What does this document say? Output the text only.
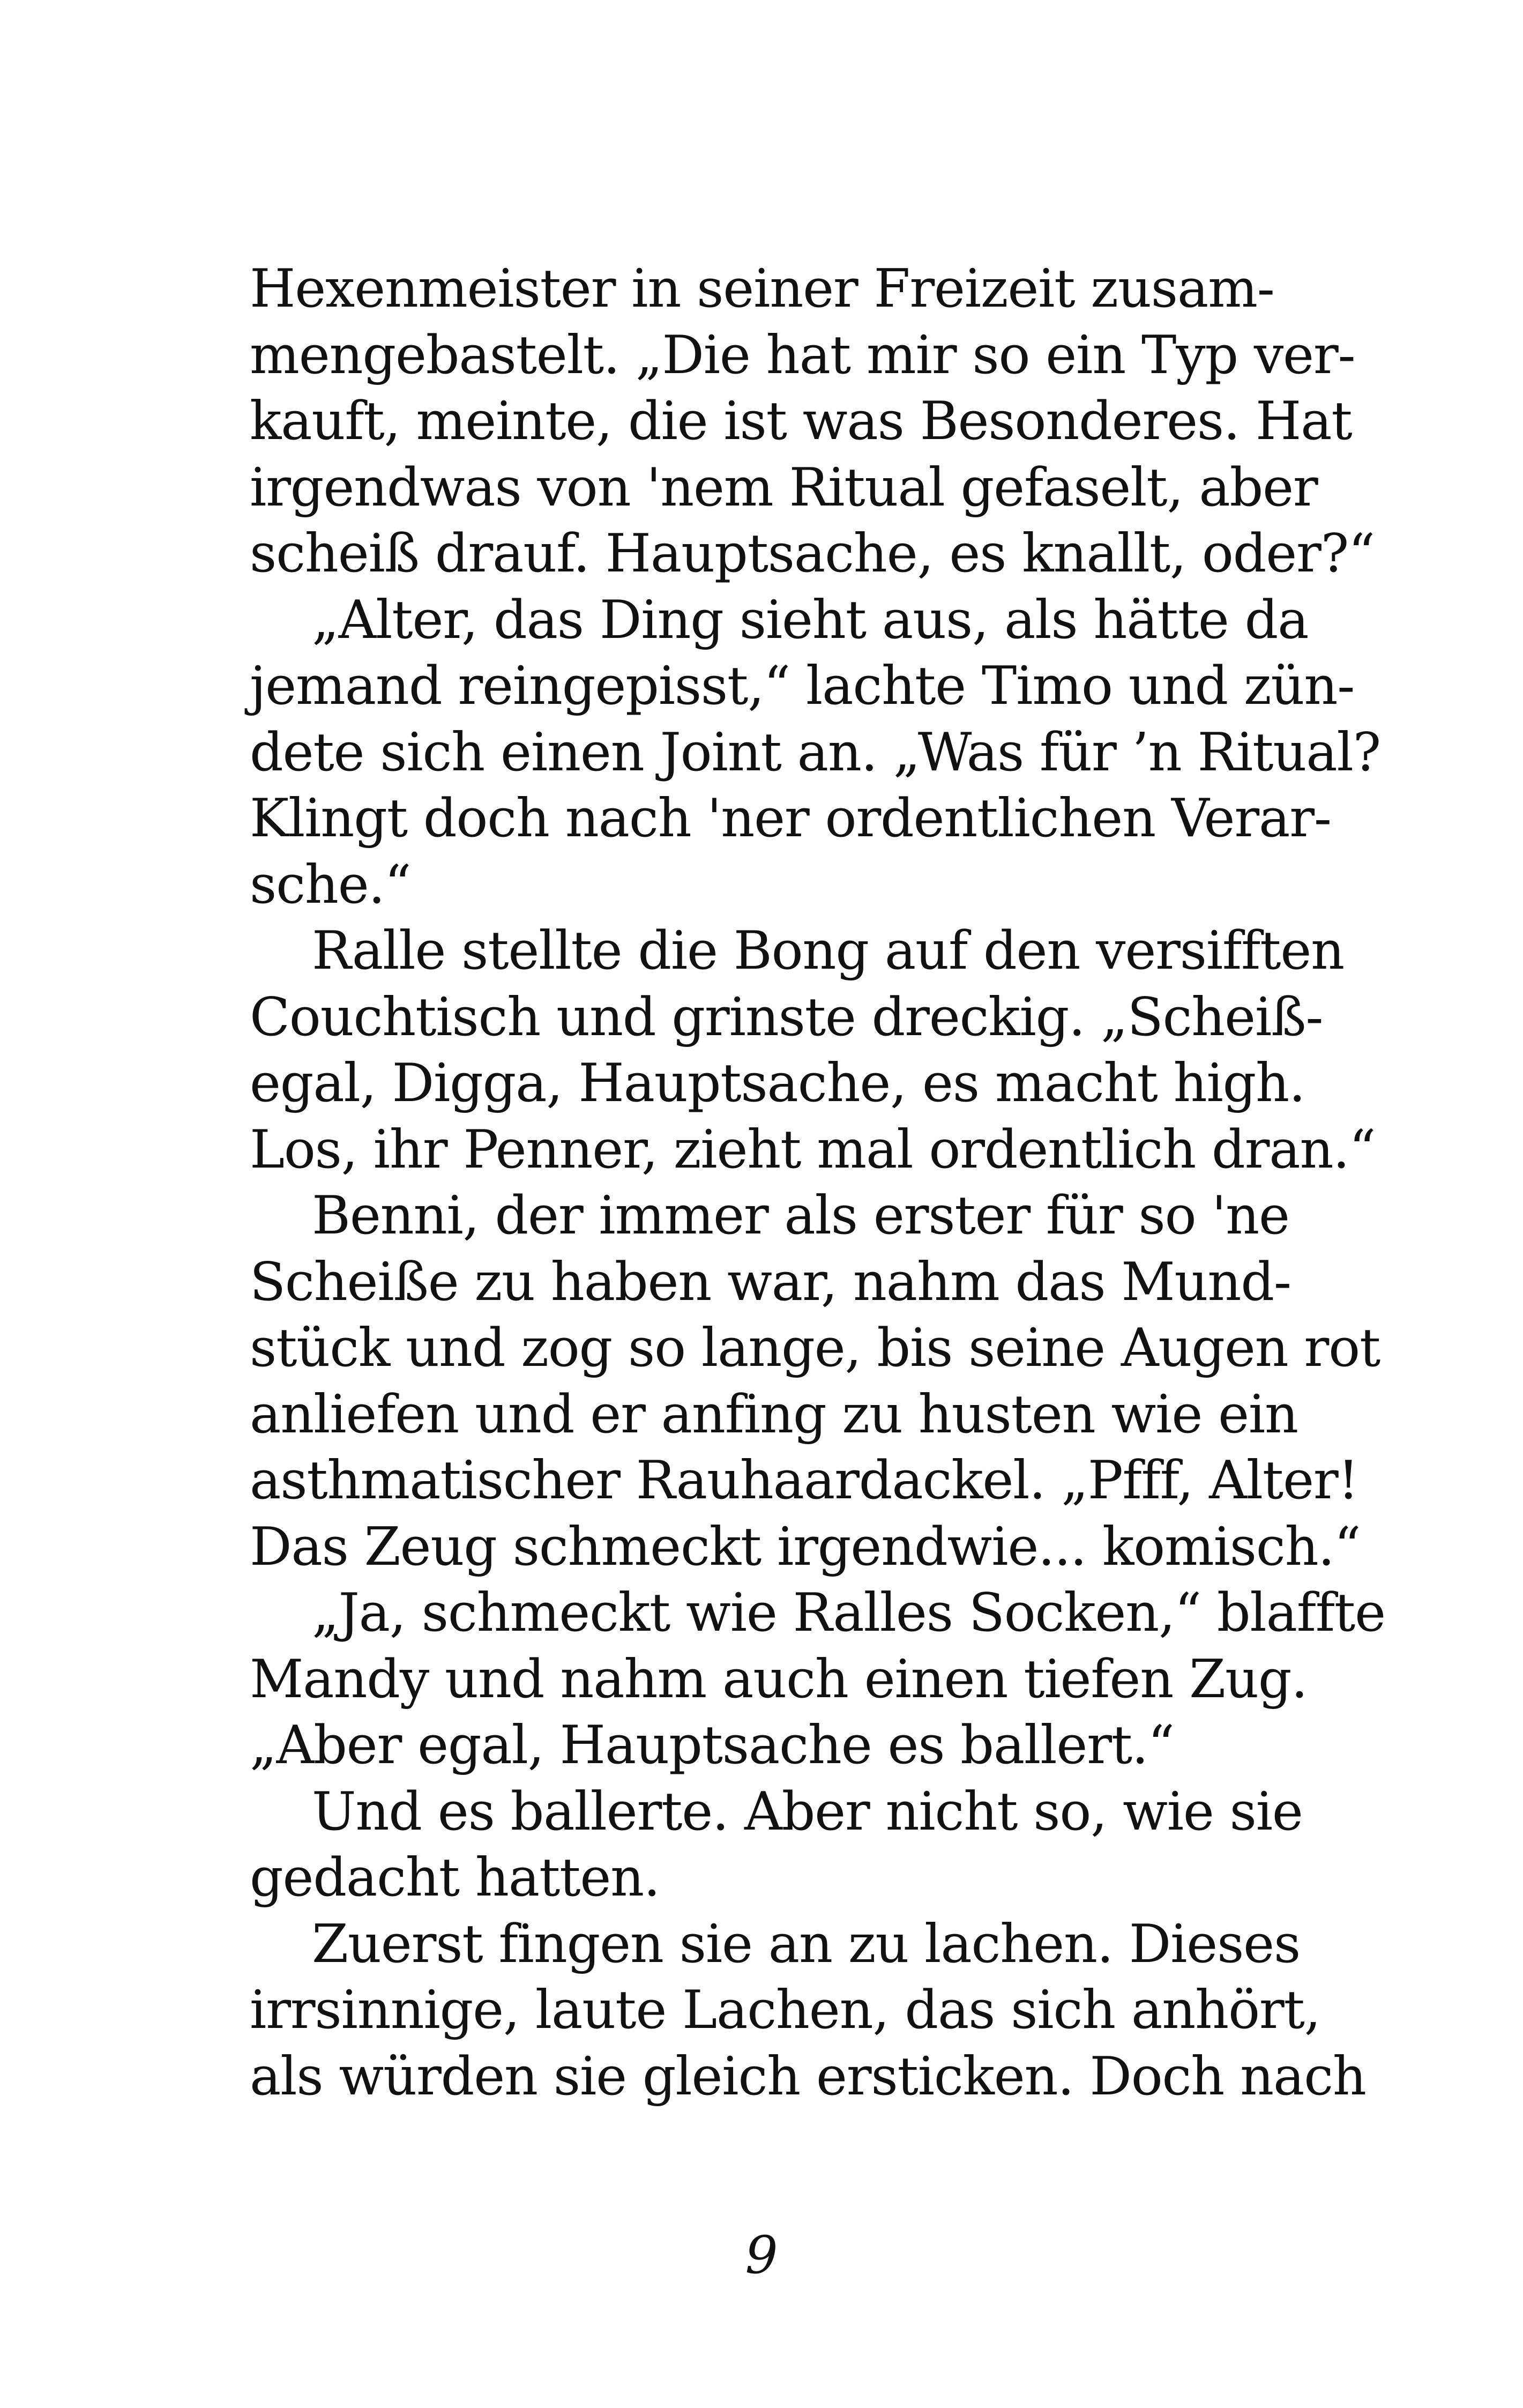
Hexenmeister in seiner Freizeit zusam-
mengebastelt. „Die hat mir so ein Typ ver-
kauft, meinte, die ist was Besonderes. Hat
irgendwas von 'nem Ritual gefaselt, aber
scheiß drauf. Hauptsache, es knallt, oder?“
„Alter, das Ding sieht aus, als hätte da
jemand reingepisst,“ lachte Timo und zün-
dete sich einen Joint an. „Was für ’n Ritual?
Klingt doch nach 'ner ordentlichen Verar-
sche.“
Ralle stellte die Bong auf den versifften
Couchtisch und grinste dreckig. „Scheiß-
egal, Digga, Hauptsache, es macht high.
Los, ihr Penner, zieht mal ordentlich dran.“
Benni, der immer als erster für so 'ne
Scheiße zu haben war, nahm das Mund-
stück und zog so lange, bis seine Augen rot
anliefen und er anfing zu husten wie ein
asthmatischer Rauhaardackel. „Pfff, Alter!
Das Zeug schmeckt irgendwie... komisch.“
„Ja, schmeckt wie Ralles Socken,“ blaffte
Mandy und nahm auch einen tiefen Zug.
„Aber egal, Hauptsache es ballert.“
Und es ballerte. Aber nicht so, wie sie
gedacht hatten.
Zuerst fingen sie an zu lachen. Dieses
irrsinnige, laute Lachen, das sich anhört,
als würden sie gleich ersticken. Doch nach
9
